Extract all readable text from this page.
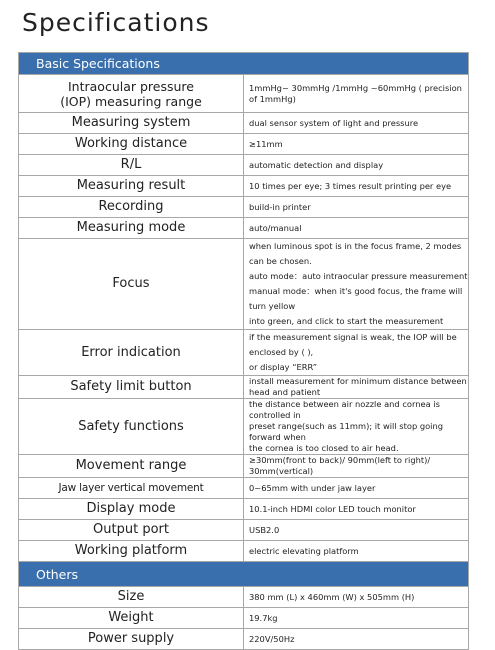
Specifications
Basic Specifications	

Intraocular pressure
(IOP) measuring range	1mmHg~ 30mmHg /1mmHg ~60mmHg ( precision of 1mmHg)

Measuring system	dual sensor system of light and pressure

Working distance	≥11mm

R/L	automatic detection and display

Measuring result	10 times per eye; 3 times result printing per eye

Recording	build-in printer

Measuring mode	auto/manual

Focus	when luminous spot is in the focus frame, 2 modes can be chosen.
auto mode：auto intraocular pressure measurement
manual mode：when it's good focus, the frame will turn yellow
into green, and click to start the measurement

Error indication	if the measurement signal is weak, the IOP will be enclosed by ( ),
or display “ERR”

Safety limit button	install measurement for minimum distance between head and patient

Safety functions	the distance between air nozzle and cornea is controlled in
preset range(such as 11mm); it will stop going forward when
the cornea is too closed to air head.

Movement range	≥30mm(front to back)/ 90mm(left to right)/ 30mm(vertical)

Jaw layer vertical movement	0~65mm with under jaw layer

Display mode	10.1-inch HDMI color LED touch monitor

Output port	USB2.0

Working platform	electric elevating platform

Others	

Size	380 mm (L) x 460mm (W) x 505mm (H)

Weight	19.7kg

Power supply	220V/50Hz
